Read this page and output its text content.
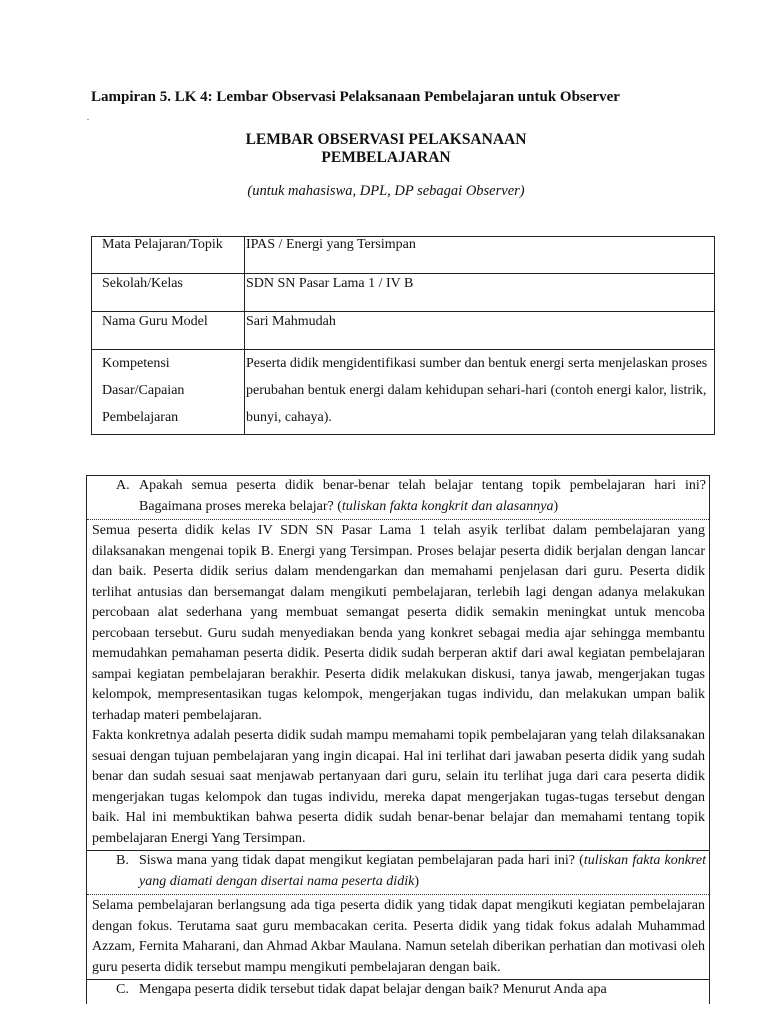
Lampiran 5. LK 4: Lembar Observasi Pelaksanaan Pembelajaran untuk Observer
.
LEMBAR OBSERVASI PELAKSANAAN
PEMBELAJARAN
(untuk mahasiswa, DPL, DP sebagai Observer)
Mata Pelajaran/Topik	IPAS / Energi yang Tersimpan
Sekolah/Kelas	SDN SN Pasar Lama 1 / IV B
Nama Guru Model	Sari Mahmudah

Kompetensi
Dasar/Capaian
Pembelajaran	Peserta didik mengidentifikasi sumber dan bentuk energi serta menjelaskan proses perubahan bentuk energi dalam kehidupan sehari-hari (contoh energi kalor, listrik, bunyi, cahaya).
A. Apakah semua peserta didik benar-benar telah belajar tentang topik pembelajaran hari ini? Bagaimana proses mereka belajar? (tuliskan fakta kongkrit dan alasannya)
Semua peserta didik kelas IV SDN SN Pasar Lama 1 telah asyik terlibat dalam pembelajaran yang dilaksanakan mengenai topik B. Energi yang Tersimpan. Proses belajar peserta didik berjalan dengan lancar dan baik. Peserta didik serius dalam mendengarkan dan memahami penjelasan dari guru. Peserta didik terlihat antusias dan bersemangat dalam mengikuti pembelajaran, terlebih lagi dengan adanya melakukan percobaan alat sederhana yang membuat semangat peserta didik semakin meningkat untuk mencoba percobaan tersebut. Guru sudah menyediakan benda yang konkret sebagai media ajar sehingga membantu memudahkan pemahaman peserta didik. Peserta didik sudah berperan aktif dari awal kegiatan pembelajaran sampai kegiatan pembelajaran berakhir. Peserta didik melakukan diskusi, tanya jawab, mengerjakan tugas kelompok, mempresentasikan tugas kelompok, mengerjakan tugas individu, dan melakukan umpan balik terhadap materi pembelajaran.
Fakta konkretnya adalah peserta didik sudah mampu memahami topik pembelajaran yang telah dilaksanakan sesuai dengan tujuan pembelajaran yang ingin dicapai. Hal ini terlihat dari jawaban peserta didik yang sudah benar dan sudah sesuai saat menjawab pertanyaan dari guru, selain itu terlihat juga dari cara peserta didik mengerjakan tugas kelompok dan tugas individu, mereka dapat mengerjakan tugas-tugas tersebut dengan baik. Hal ini membuktikan bahwa peserta didik sudah benar-benar belajar dan memahami tentang topik pembelajaran Energi Yang Tersimpan.
B. Siswa mana yang tidak dapat mengikut kegiatan pembelajaran pada hari ini? (tuliskan fakta konkret yang diamati dengan disertai nama peserta didik)
Selama pembelajaran berlangsung ada tiga peserta didik yang tidak dapat mengikuti kegiatan pembelajaran dengan fokus. Terutama saat guru membacakan cerita. Peserta didik yang tidak fokus adalah Muhammad Azzam, Fernita Maharani, dan Ahmad Akbar Maulana. Namun setelah diberikan perhatian dan motivasi oleh guru peserta didik tersebut mampu mengikuti pembelajaran dengan baik.
C. Mengapa peserta didik tersebut tidak dapat belajar dengan baik? Menurut Anda apa
